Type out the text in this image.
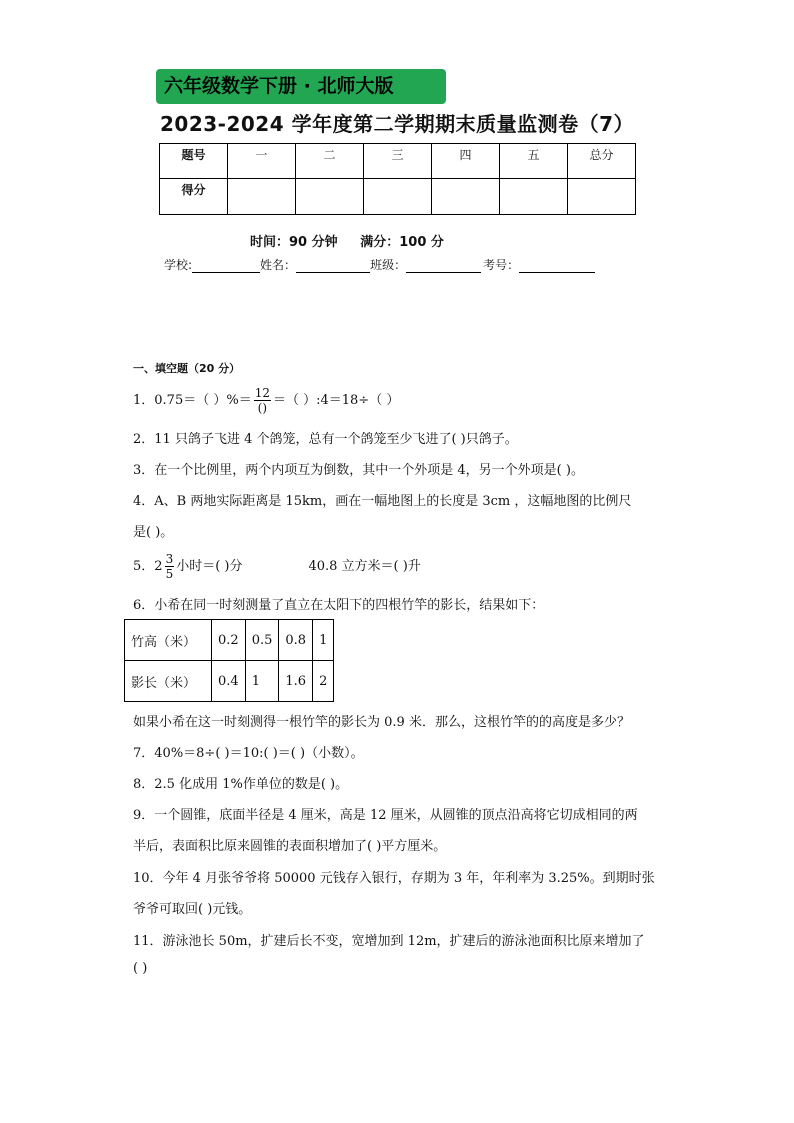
六年级数学下册 · 北师大版
2023-2024 学年度第二学期期末质量监测卷（7）
题号	一	二	三	四	五	总分
得分						
时间：90 分钟     满分：100 分
学校:	姓名：	班级：	考号：
一、填空题（20 分）
1．0.75＝（ ）%＝ $\frac{12}{()}$ ＝（ ）:4＝18÷（ ）
2．11 只鸽子飞进 4 个鸽笼，总有一个鸽笼至少飞进了( )只鸽子。
3．在一个比例里，两个内项互为倒数，其中一个外项是 4，另一个外项是( )。
4．A、B 两地实际距离是 15km，画在一幅地图上的长度是 3cm ，这幅地图的比例尺
是( )。
5．$2 \frac{3}{5}$ 小时＝( )分	40.8 立方米＝( )升
6．小希在同一时刻测量了直立在太阳下的四根竹竿的影长，结果如下：
竹高（米）	0.2	0.5	0.8	1
影长（米）	0.4	1	1.6	2
如果小希在这一时刻测得一根竹竿的影长为 0.9 米．那么，这根竹竿的的高度是多少？
7．40%＝8÷( )＝10:( )＝( )（小数）。
8．2.5 化成用 1%作单位的数是( )。
9．一个圆锥，底面半径是 4 厘米，高是 12 厘米，从圆锥的顶点沿高将它切成相同的两
半后，表面积比原来圆锥的表面积增加了( )平方厘米。
10．今年 4 月张爷爷将 50000 元钱存入银行，存期为 3 年，年利率为 3.25%。到期时张
爷爷可取回( )元钱。
11．游泳池长 50m，扩建后长不变，宽增加到 12m，扩建后的游泳池面积比原来增加了
( )
